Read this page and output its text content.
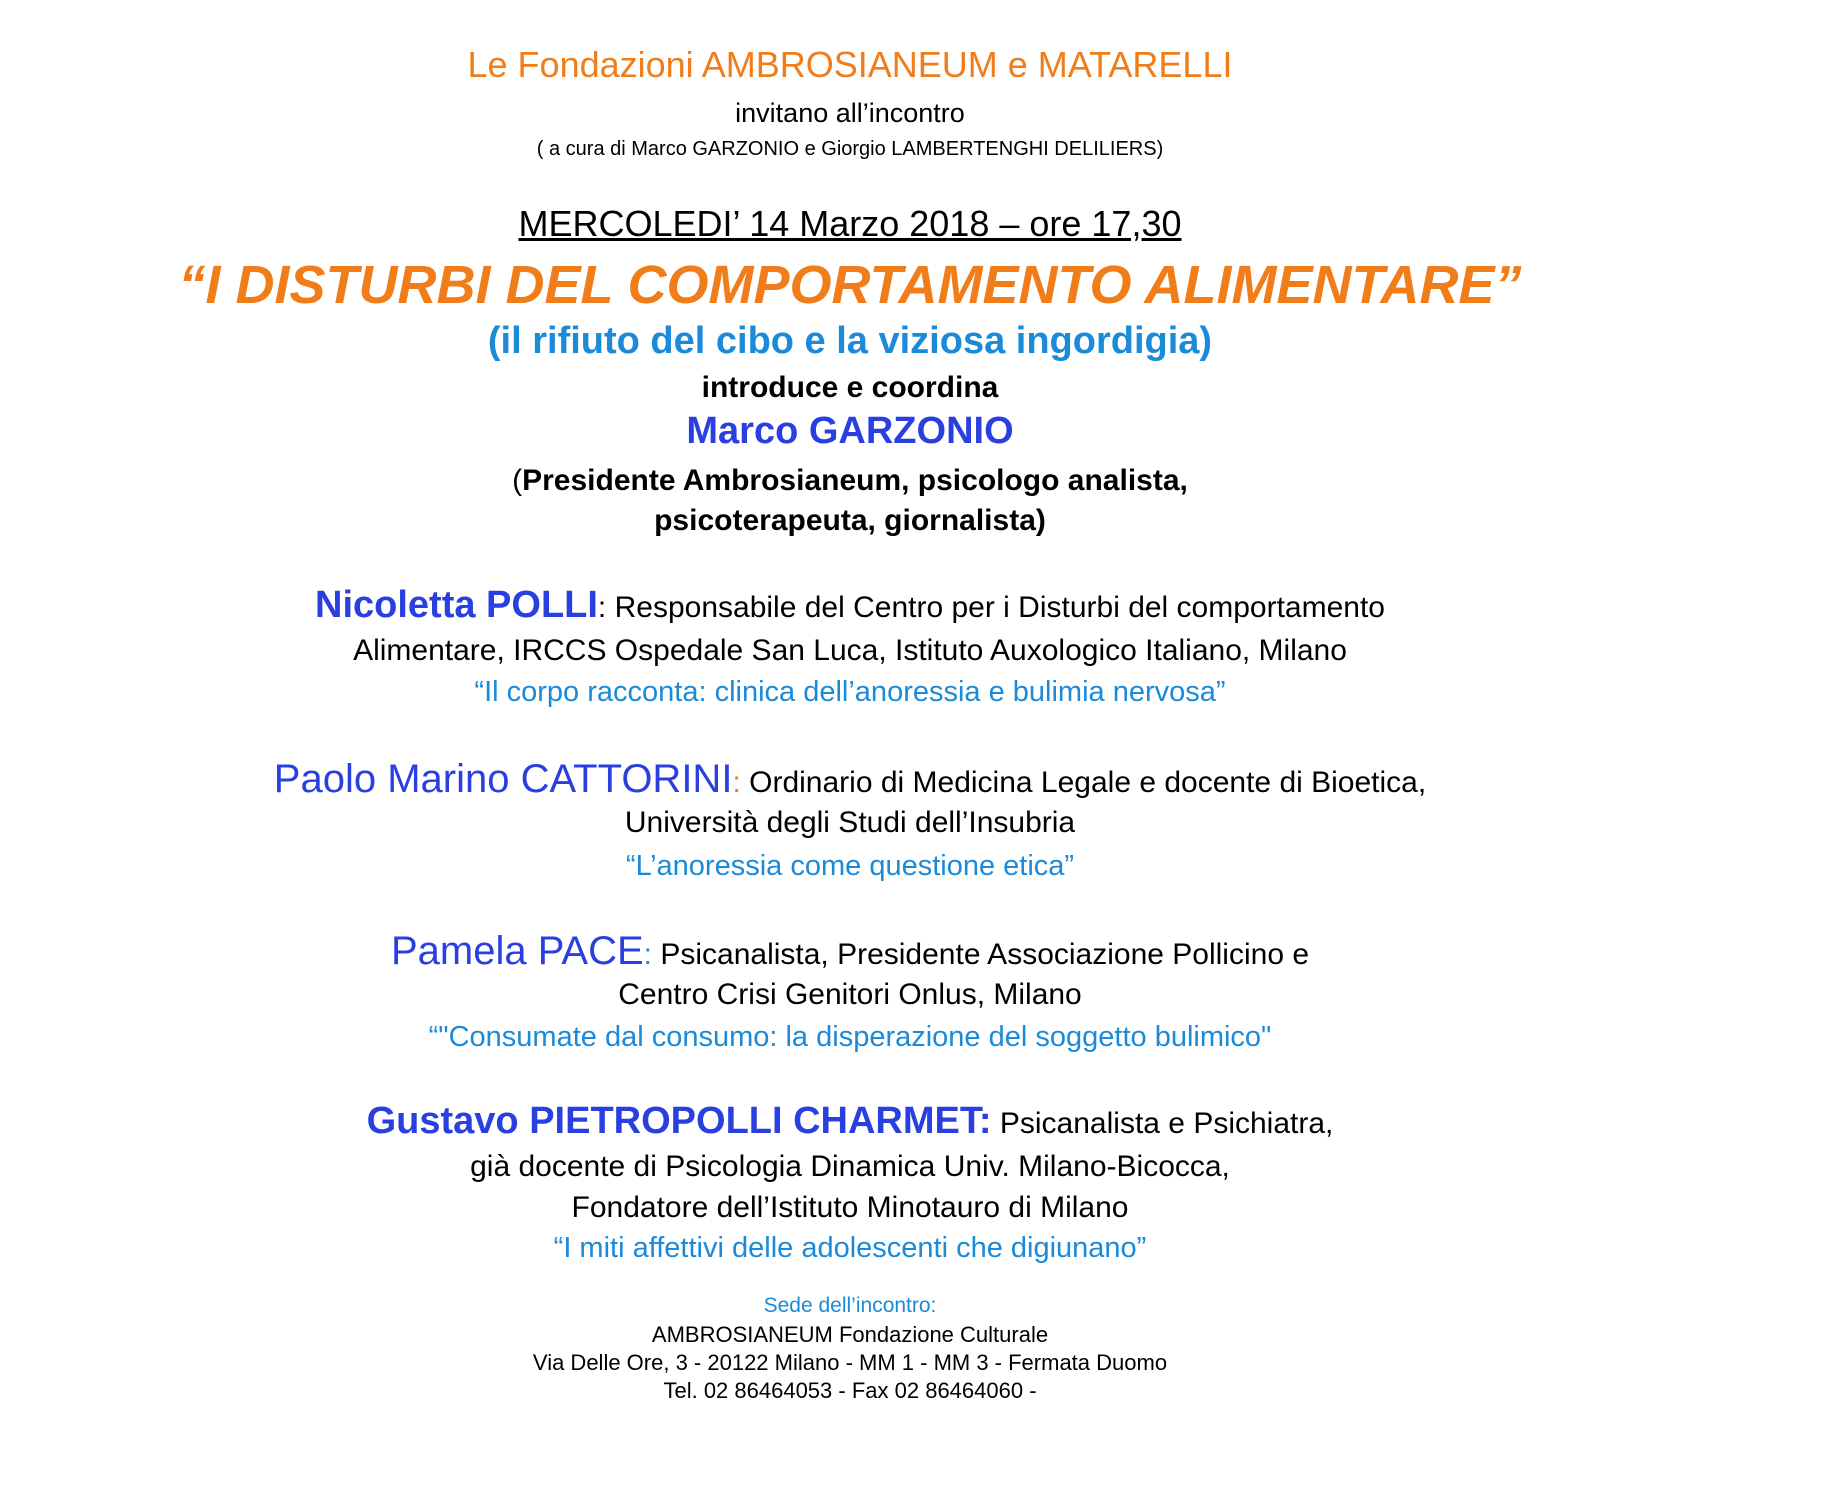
Le Fondazioni AMBROSIANEUM e MATARELLI
invitano all’incontro
( a cura di Marco GARZONIO e Giorgio LAMBERTENGHI DELILIERS)
MERCOLEDI’ 14 Marzo 2018 – ore 17,30
“I DISTURBI DEL COMPORTAMENTO ALIMENTARE”
(il rifiuto del cibo e la viziosa ingordigia)
introduce e coordina
Marco GARZONIO
(Presidente Ambrosianeum, psicologo analista,
psicoterapeuta, giornalista)
Nicoletta POLLI: Responsabile del Centro per i Disturbi del comportamento
Alimentare, IRCCS Ospedale San Luca, Istituto Auxologico Italiano, Milano
“Il corpo racconta: clinica dell’anoressia e bulimia nervosa”
Paolo Marino CATTORINI: Ordinario di Medicina Legale e docente di Bioetica,
Università degli Studi dell’Insubria
“L’anoressia come questione etica”
Pamela PACE: Psicanalista, Presidente Associazione Pollicino e
Centro Crisi Genitori Onlus, Milano
“"Consumate dal consumo: la disperazione del soggetto bulimico"
Gustavo PIETROPOLLI CHARMET: Psicanalista e Psichiatra,
già docente di Psicologia Dinamica Univ. Milano-Bicocca,
Fondatore dell’Istituto Minotauro di Milano
“I miti affettivi delle adolescenti che digiunano”
Sede dell’incontro:
AMBROSIANEUM Fondazione Culturale
Via Delle Ore, 3 - 20122 Milano - MM 1 - MM 3 - Fermata Duomo
Tel. 02 86464053 - Fax 02 86464060 -
